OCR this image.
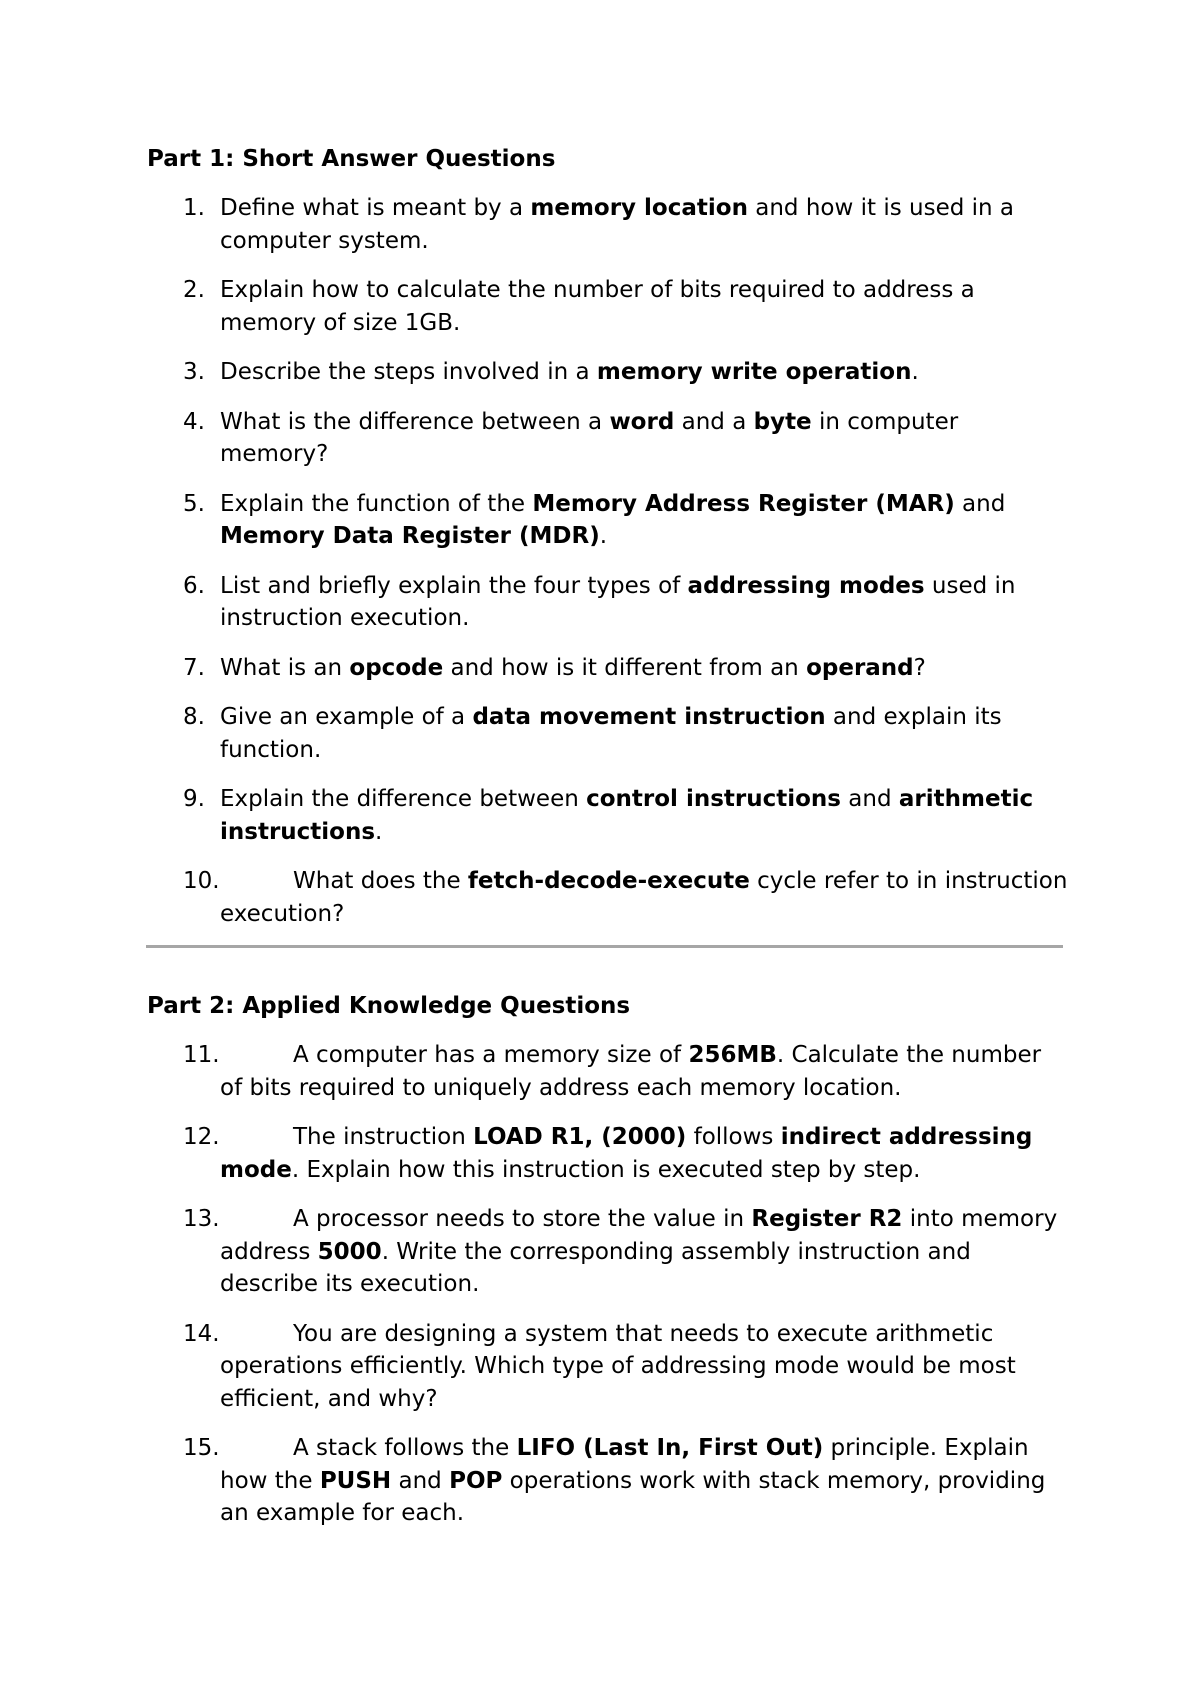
Part 1: Short Answer Questions
1. Define what is meant by a memory location and how it is used in a computer system.
2. Explain how to calculate the number of bits required to address a memory of size 1GB.
3. Describe the steps involved in a memory write operation.
4. What is the difference between a word and a byte in computer memory?
5. Explain the function of the Memory Address Register (MAR) and Memory Data Register (MDR).
6. List and briefly explain the four types of addressing modes used in instruction execution.
7. What is an opcode and how is it different from an operand?
8. Give an example of a data movement instruction and explain its function.
9. Explain the difference between control instructions and arithmetic instructions.
10.	What does the fetch-decode-execute cycle refer to in instruction execution?
Part 2: Applied Knowledge Questions
11.	A computer has a memory size of 256MB. Calculate the number of bits required to uniquely address each memory location.
12.	The instruction LOAD R1, (2000) follows indirect addressing mode. Explain how this instruction is executed step by step.
13.	A processor needs to store the value in Register R2 into memory address 5000. Write the corresponding assembly instruction and describe its execution.
14.	You are designing a system that needs to execute arithmetic operations efficiently. Which type of addressing mode would be most efficient, and why?
15.	A stack follows the LIFO (Last In, First Out) principle. Explain how the PUSH and POP operations work with stack memory, providing an example for each.
